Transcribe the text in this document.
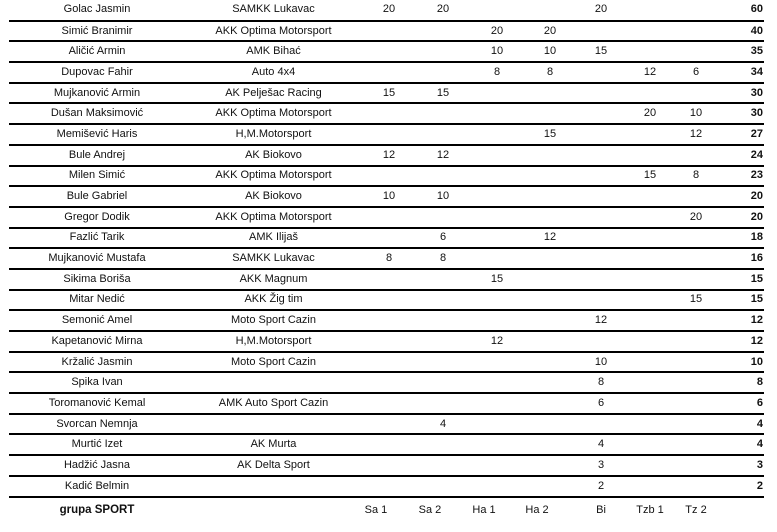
Golac Jasmin	SAMKK Lukavac	20	20			20			60
Simić Branimir	AKK Optima Motorsport			20	20				40
Aličić Armin	AMK Bihać			10	10	15			35
Dupovac Fahir	Auto 4x4			8	8		12	6	34
Mujkanović Armin	AK Pelješac Racing	15	15						30
Dušan Maksimović	AKK Optima Motorsport						20	10	30
Memišević Haris	H,M.Motorsport				15			12	27
Bule Andrej	AK Biokovo	12	12						24
Milen Simić	AKK Optima Motorsport						15	8	23
Bule Gabriel	AK Biokovo	10	10						20
Gregor Dodik	AKK Optima Motorsport							20	20
Fazlić Tarik	AMK Ilijaš		6		12				18
Mujkanović Mustafa	SAMKK Lukavac	8	8						16
Sikima Boriša	AKK Magnum			15					15
Mitar Nedić	AKK Žig tim							15	15
Semonić Amel	Moto Sport Cazin					12			12
Kapetanović Mirna	H,M.Motorsport			12					12
Kržalić Jasmin	Moto Sport Cazin					10			10
Spika Ivan						8			8
Toromanović Kemal	AMK Auto Sport Cazin					6			6
Svorcan Nemnja			4						4
Murtić Izet	AK Murta					4			4
Hadžić Jasna	AK Delta Sport					3			3
Kadić Belmin						2			2
grupa SPORT		Sa 1	Sa 2	Ha 1	Ha 2	Bi	Tzb 1	Tz 2	
